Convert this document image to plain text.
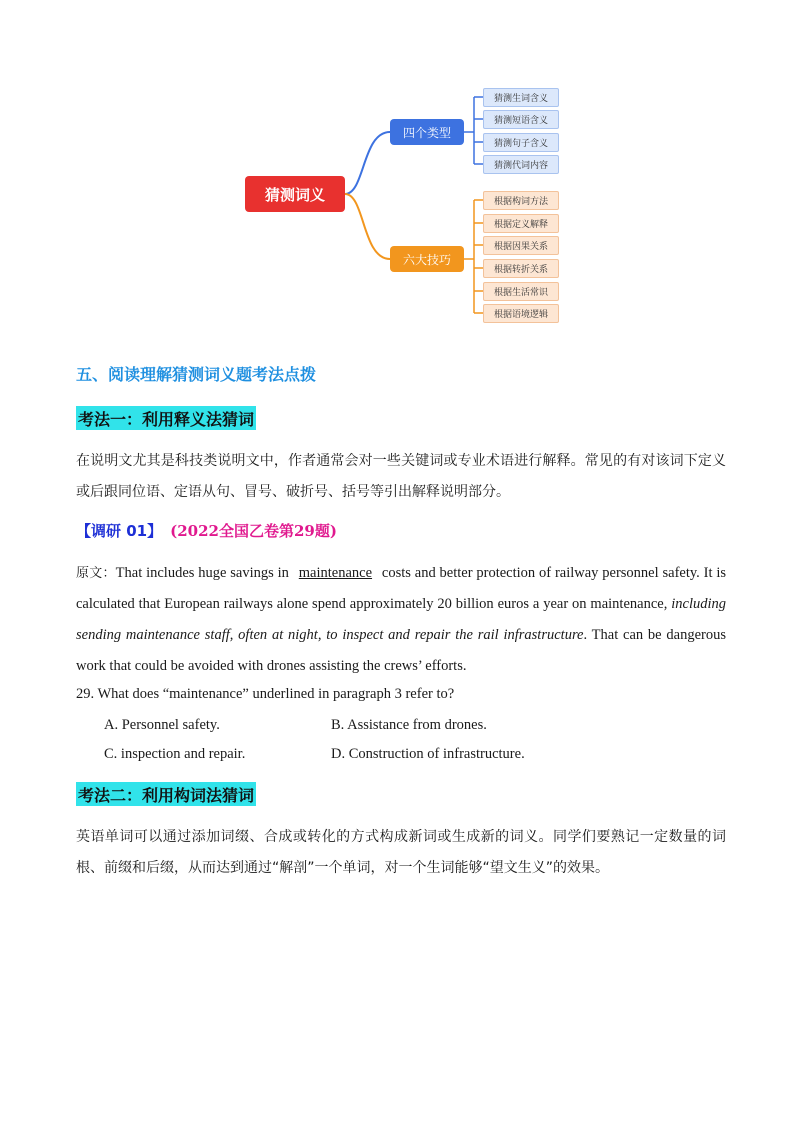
猜测词义
四个类型
六大技巧
猜测生词含义
猜测短语含义
猜测句子含义
猜测代词内容
根据构词方法
根据定义解释
根据因果关系
根据转折关系
根据生活常识
根据语境逻辑
五、阅读理解猜测词义题考法点拨
考法一：利用释义法猜词
在说明文尤其是科技类说明文中，作者通常会对一些关键词或专业术语进行解释。常见的有对该词下定义或后跟同位语、定语从句、冒号、破折号、括号等引出解释说明部分。
【调研 01】 (2022全国乙卷第29题)
原文：That includes huge savings in maintenance costs and better protection of railway personnel safety. It is calculated that European railways alone spend approximately 20 billion euros a year on maintenance, including sending maintenance staff, often at night, to inspect and repair the rail infrastructure. That can be dangerous work that could be avoided with drones assisting the crews’ efforts.
29. What does “maintenance” underlined in paragraph 3 refer to?
A. Personnel safety.	B. Assistance from drones.
C. inspection and repair.	D. Construction of infrastructure.
考法二：利用构词法猜词
英语单词可以通过添加词缀、合成或转化的方式构成新词或生成新的词义。同学们要熟记一定数量的词根、前缀和后缀，从而达到通过“解剖”一个单词，对一个生词能够“望文生义”的效果。
